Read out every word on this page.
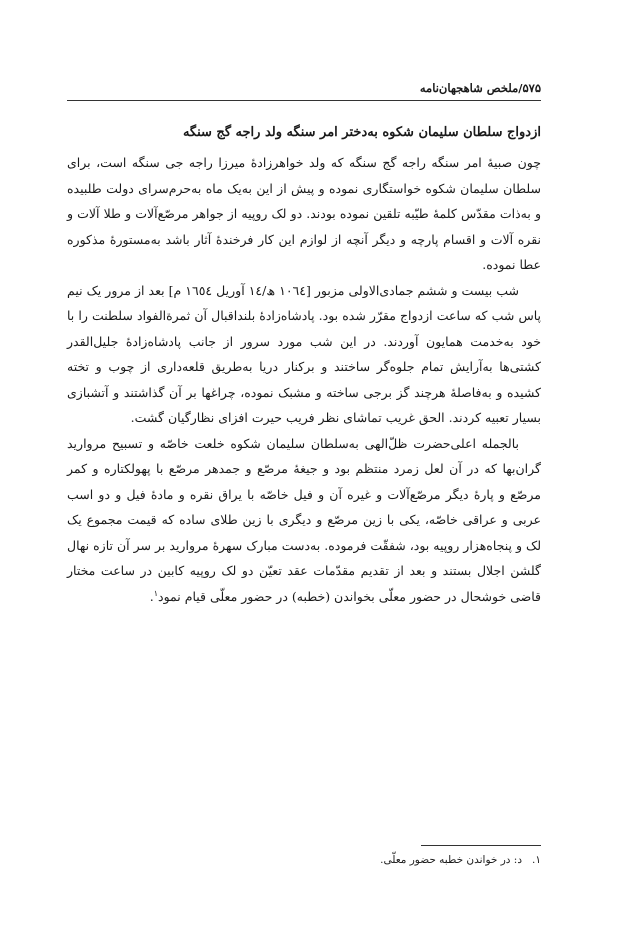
۵۷۵/ملخص شاهجهان‌نامه
ازدواج سلطان سلیمان شکوه به‌دختر امر سنگه ولد راجه گج سنگه

چون صبیهٔ امر سنگه راجه گج سنگه که ولد خواهرزادهٔ میرزا راجه جی سنگه است، برای سلطان سلیمان شکوه خواستگاری نموده و پیش از این به‌یک ماه به‌حرم‌سرای دولت طلبیده و به‌ذات مقدّس کلمهٔ طیّبه تلقین نموده بودند. دو لک روپیه از جواهر مرصّع‌آلات و طلا آلات و نقره آلات و اقسام پارچه و دیگر آنچه از لوازم این کار فرخندهٔ آثار باشد به‌مستورهٔ مذکوره عطا نموده.

شب بیست و ششم جمادی‌الاولی مزبور [۱۰٦٤ ھ/۱٤ آوریل ۱٦٥٤ م] بعد از مرور یک نیم پاس شب که ساعت ازدواج مقرّر شده بود. پادشاه‌زادهٔ بلنداقبال آن ثمرةالفواد سلطنت را با خود به‌خدمت همایون آوردند. در این شب مورد سرور از جانب پادشاه‌زادهٔ جلیل‌القدر کشتی‌ها به‌آرایش تمام جلوه‌گر ساختند و برکنار دریا به‌طریق قلعه‌داری از چوب و تخته کشیده و به‌فاصلهٔ هرچند گز برجی ساخته و مشبک نموده، چراغها بر آن گذاشتند و آتشبازی بسیار تعبیه کردند. الحق غریب تماشای نظر فریب حیرت افزای نظارگیان گشت.

بالجمله اعلی‌حضرت ظلّ‌الهی به‌سلطان سلیمان شکوه خلعت خاصّه و تسبیح مروارید گران‌بها که در آن لعل زمرد منتظم بود و جیغهٔ مرصّع و جمدهر مرصّع با پهولکتاره و کمر مرصّع و پارهٔ دیگر مرصّع‌آلات و غیره آن و فیل خاصّه با یراق نقره و مادهٔ فیل و دو اسب عربی و عراقی خاصّه، یکی با زین مرصّع و دیگری با زین طلای ساده که قیمت مجموع یک لک و پنجاه‌هزار روپیه بود، شفقّت فرموده. به‌دست مبارک سهرهٔ مروارید بر سر آن تازه نهال گلشن اجلال بستند و بعد از تقدیم مقدّمات عقد تعیّن دو لک روپیه کابین در ساعت مختار قاضی خوشحال در حضور معلّی بخواندن (خطبه) در حضور معلّی قیام نمود$^۱$.

۱.د: در خواندن خطبه حضور معلّی.
